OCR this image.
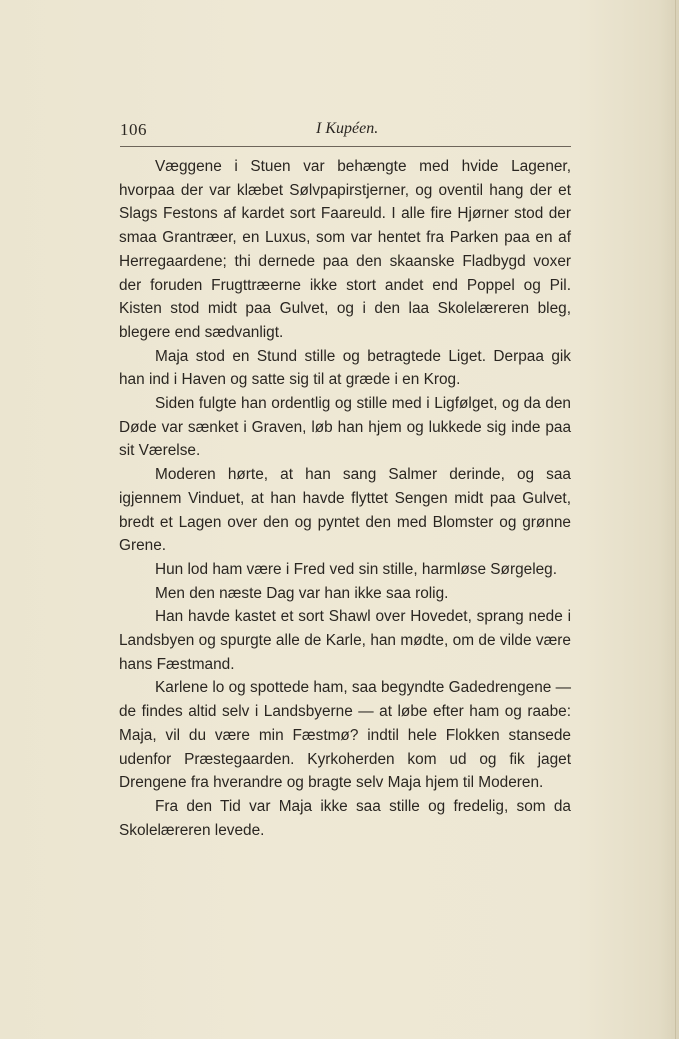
106	I Kupéen.

Væggene i Stuen var behængte med hvide Lagener, hvorpaa der var klæbet Sølvpapirstjerner, og oventil hang der et Slags Festons af kardet sort Faareuld. I alle fire Hjørner stod der smaa Grantræer, en Luxus, som var hentet fra Parken paa en af Herregaardene; thi dernede paa den skaanske Fladbygd voxer der foruden Frugttræerne ikke stort andet end Poppel og Pil. Kisten stod midt paa Gulvet, og i den laa Skolelæreren bleg, blegere end sædvanligt.

Maja stod en Stund stille og betragtede Liget. Derpaa gik han ind i Haven og satte sig til at græde i en Krog.

Siden fulgte han ordentlig og stille med i Ligfølget, og da den Døde var sænket i Graven, løb han hjem og lukkede sig inde paa sit Værelse.

Moderen hørte, at han sang Salmer derinde, og saa igjennem Vinduet, at han havde flyttet Sengen midt paa Gulvet, bredt et Lagen over den og pyntet den med Blomster og grønne Grene.

Hun lod ham være i Fred ved sin stille, harmløse Sørgeleg.

Men den næste Dag var han ikke saa rolig.

Han havde kastet et sort Shawl over Hovedet, sprang nede i Landsbyen og spurgte alle de Karle, han mødte, om de vilde være hans Fæstmand.

Karlene lo og spottede ham, saa begyndte Gadedrengene — de findes altid selv i Landsbyerne — at løbe efter ham og raabe: Maja, vil du være min Fæstmø? indtil hele Flokken stansede udenfor Præstegaarden. Kyrkoherden kom ud og fik jaget Drengene fra hverandre og bragte selv Maja hjem til Moderen.

Fra den Tid var Maja ikke saa stille og fredelig, som da Skolelæreren levede.
